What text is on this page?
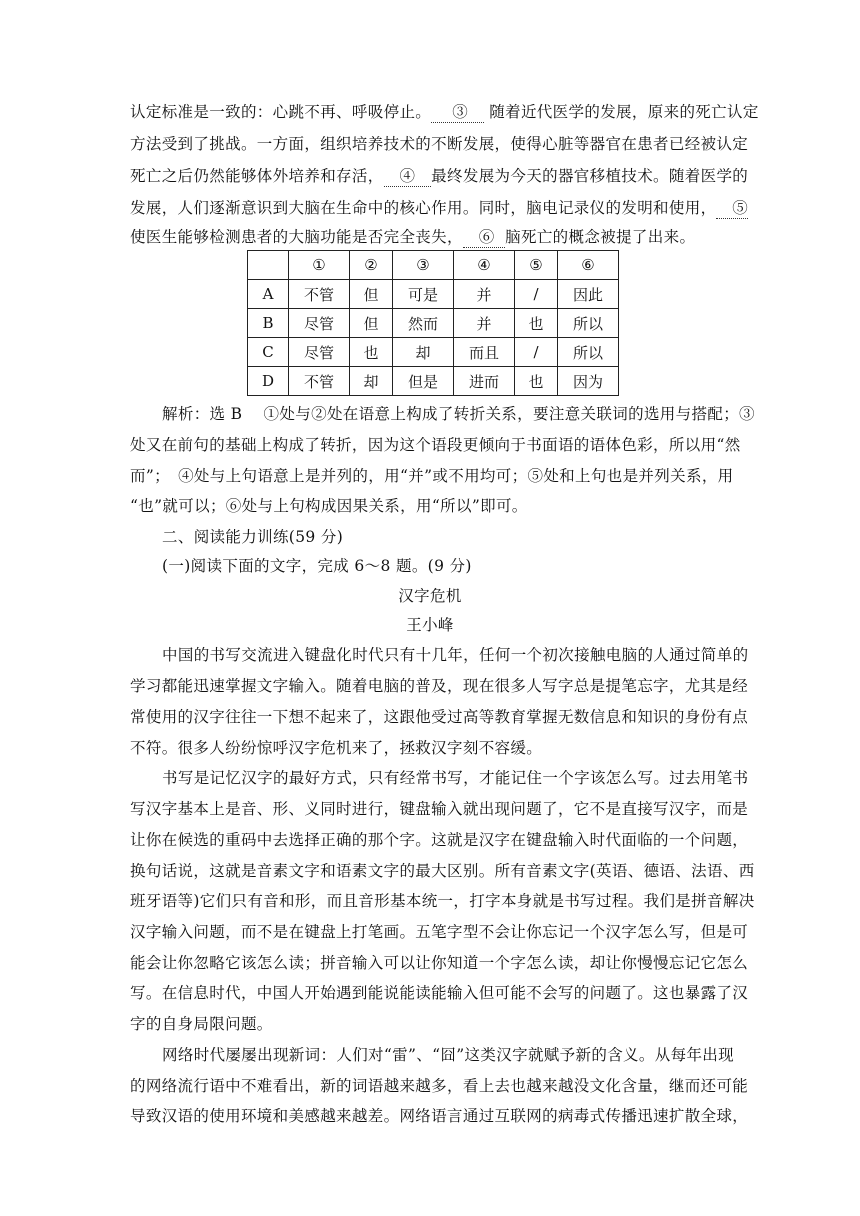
认定标准是一致的：心跳不再、呼吸停止。 ③ 随着近代医学的发展，原来的死亡认定
方法受到了挑战。一方面，组织培养技术的不断发展，使得心脏等器官在患者已经被认定
死亡之后仍然能够体外培养和存活， ④ 最终发展为今天的器官移植技术。随着医学的
发展，人们逐渐意识到大脑在生命中的核心作用。同时，脑电记录仪的发明和使用， ⑤
使医生能够检测患者的大脑功能是否完全丧失， ⑥ 脑死亡的概念被提了出来。
	①	②	③	④	⑤	⑥
A	不管	但	可是	并	/	因此
B	尽管	但	然而	并	也	所以
C	尽管	也	却	而且	/	所以
D	不管	却	但是	进而	也	因为
解析：选 B　 ①处与②处在语意上构成了转折关系，要注意关联词的选用与搭配；③
处又在前句的基础上构成了转折，因为这个语段更倾向于书面语的语体色彩，所以用“然
而”；　④处与上句语意上是并列的，用“并”或不用均可；⑤处和上句也是并列关系，用
“也”就可以；⑥处与上句构成因果关系，用“所以”即可。
二、阅读能力训练(59 分)
(一)阅读下面的文字，完成 6～8 题。(9 分)
汉字危机
王小峰
中国的书写交流进入键盘化时代只有十几年，任何一个初次接触电脑的人通过简单的
学习都能迅速掌握文字输入。随着电脑的普及，现在很多人写字总是提笔忘字，尤其是经
常使用的汉字往往一下想不起来了，这跟他受过高等教育掌握无数信息和知识的身份有点
不符。很多人纷纷惊呼汉字危机来了，拯救汉字刻不容缓。
书写是记忆汉字的最好方式，只有经常书写，才能记住一个字该怎么写。过去用笔书
写汉字基本上是音、形、义同时进行，键盘输入就出现问题了，它不是直接写汉字，而是
让你在候选的重码中去选择正确的那个字。这就是汉字在键盘输入时代面临的一个问题，
换句话说，这就是音素文字和语素文字的最大区别。所有音素文字(英语、德语、法语、西
班牙语等)它们只有音和形，而且音形基本统一，打字本身就是书写过程。我们是拼音解决
汉字输入问题，而不是在键盘上打笔画。五笔字型不会让你忘记一个汉字怎么写，但是可
能会让你忽略它该怎么读；拼音输入可以让你知道一个字怎么读，却让你慢慢忘记它怎么
写。在信息时代，中国人开始遇到能说能读能输入但可能不会写的问题了。这也暴露了汉
字的自身局限问题。
网络时代屡屡出现新词：人们对“雷”、“囧”这类汉字就赋予新的含义。从每年出现
的网络流行语中不难看出，新的词语越来越多，看上去也越来越没文化含量，继而还可能
导致汉语的使用环境和美感越来越差。网络语言通过互联网的病毒式传播迅速扩散全球，
